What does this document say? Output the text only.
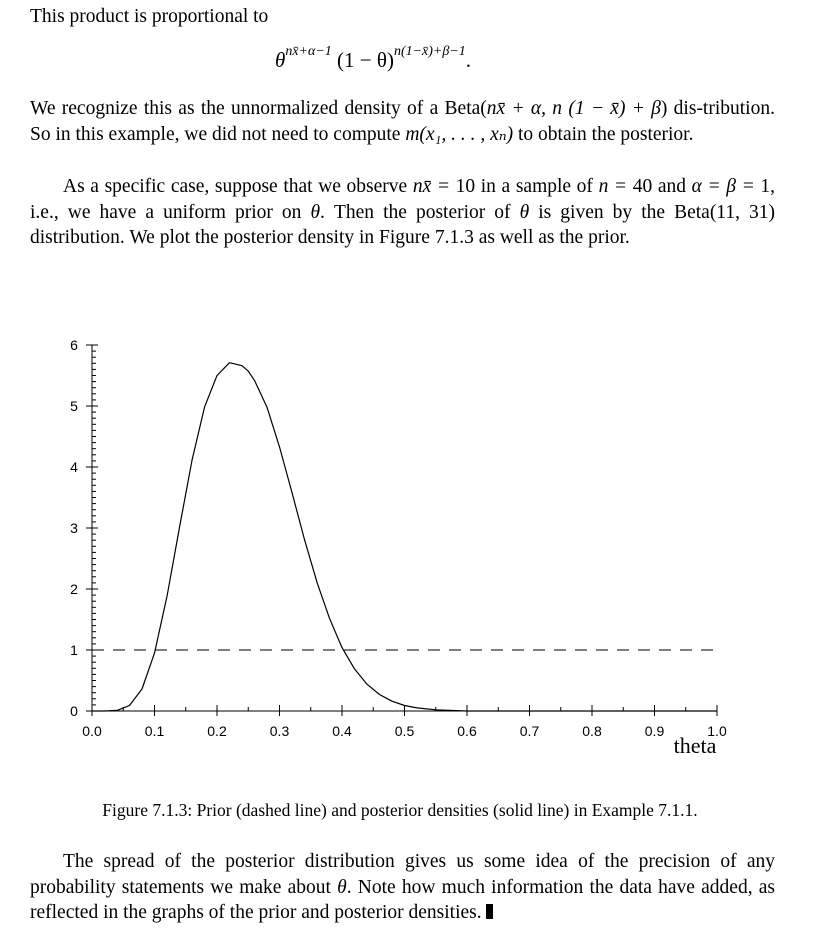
This product is proportional to

$\theta^{nx̄+\alpha-1}$ $(1 - \theta)^{n(1-x̄)+\beta-1}$.

We recognize this as the unnormalized density of a Beta(nx̄ + α, n (1 − x̄) + β) dis-tribution. So in this example, we did not need to compute m(x₁, . . . , xₙ) to obtain the posterior.

As a specific case, suppose that we observe nx̄ = 10 in a sample of n = 40 and α = β = 1, i.e., we have a uniform prior on θ. Then the posterior of θ is given by the Beta(11, 31) distribution. We plot the posterior density in Figure 7.1.3 as well as the prior.

0
1
2
3
4
5
6
0.0	0.1	0.2	0.3	0.4	0.5	0.6	0.7	0.8	0.9	1.0
theta

Figure 7.1.3: Prior (dashed line) and posterior densities (solid line) in Example 7.1.1.

The spread of the posterior distribution gives us some idea of the precision of any probability statements we make about θ. Note how much information the data have added, as reflected in the graphs of the prior and posterior densities.
